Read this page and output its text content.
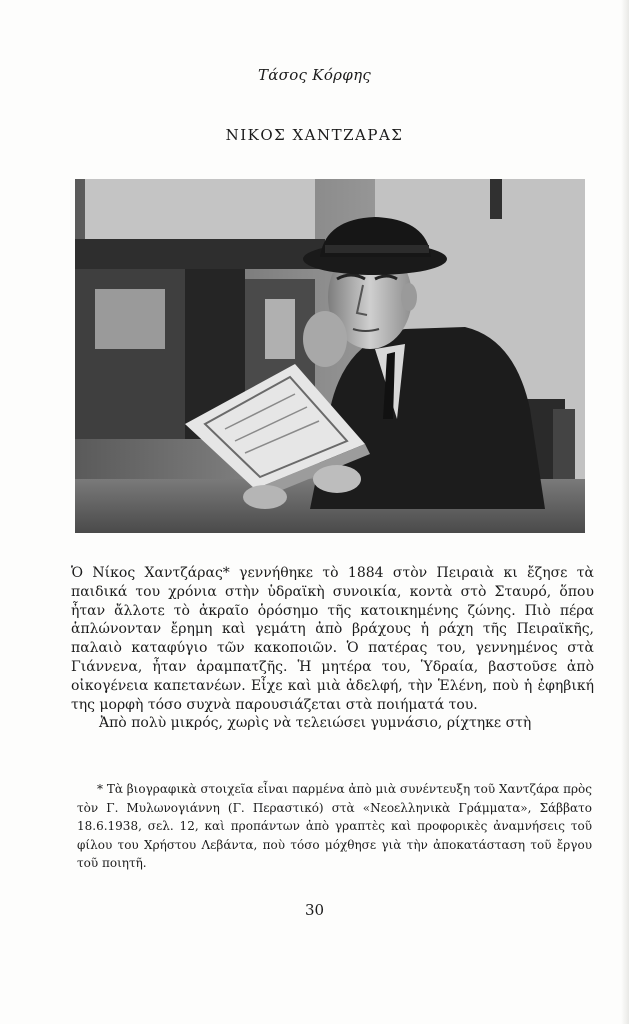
Τάσος Κόρφης
ΝΙΚΟΣ ΧΑΝΤΖΑΡΑΣ

Ὁ Νίκος Χαντζάρας* γεννήθηκε τὸ 1884 στὸν Πειραιὰ κι ἔζησε τὰ παιδικά του χρόνια στὴν ὑδραϊκὴ συνοικία, κοντὰ στὸ Σταυρό, ὅπου ἦταν ἄλλοτε τὸ ἀκραῖο ὁρόσημο τῆς κατοικημένης ζώνης. Πιὸ πέρα ἁπλώνονταν ἔρημη καὶ γεμάτη ἀπὸ βράχους ἡ ράχη τῆς Πειραϊκῆς, παλαιὸ καταφύγιο τῶν κακοποιῶν. Ὁ πατέρας του, γεννημένος στὰ Γιάννενα, ἦταν ἀραμπατζῆς. Ἡ μητέρα του, Ὑδραία, βαστοῦσε ἀπὸ οἰκογένεια καπετανέων. Εἶχε καὶ μιὰ ἀδελφή, τὴν Ἑλένη, ποὺ ἡ ἐφηβική της μορφὴ τόσο συχνὰ παρουσιάζεται στὰ ποιήματά του.

Ἀπὸ πολὺ μικρός, χωρὶς νὰ τελειώσει γυμνάσιο, ρίχτηκε στὴ

* Τὰ βιογραφικὰ στοιχεῖα εἶναι παρμένα ἀπὸ μιὰ συνέντευξη τοῦ Χαντζάρα πρὸς τὸν Γ. Μυλωνογιάννη (Γ. Περαστικό) στὰ «Νεοελληνικὰ Γράμματα», Σάββατο 18.6.1938, σελ. 12, καὶ προπάντων ἀπὸ γραπτὲς καὶ προφορικὲς ἀναμνήσεις τοῦ φίλου του Χρήστου Λεβάντα, ποὺ τόσο μόχθησε γιὰ τὴν ἀποκατάσταση τοῦ ἔργου τοῦ ποιητῆ.
30
